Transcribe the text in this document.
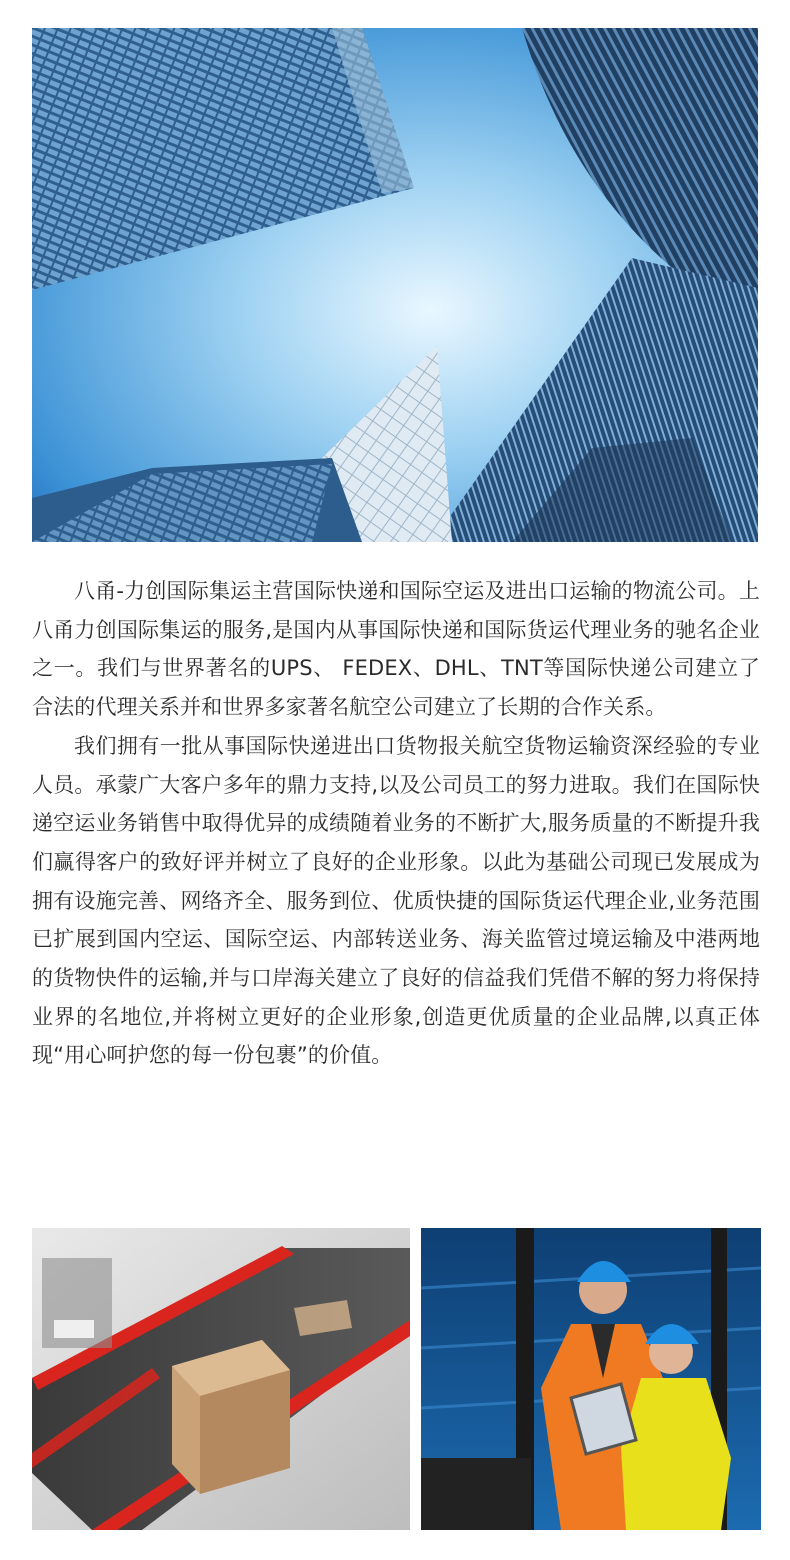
八甬-力创国际集运主营国际快递和国际空运及进出口运输的物流公司。上八甬力创国际集运的服务,是国内从事国际快递和国际货运代理业务的驰名企业之一。我们与世界著名的UPS、 FEDEX、DHL、TNT等国际快递公司建立了合法的代理关系并和世界多家著名航空公司建立了长期的合作关系。

我们拥有一批从事国际快递进出口货物报关航空货物运输资深经验的专业人员。承蒙广大客户多年的鼎力支持,以及公司员工的努力进取。我们在国际快递空运业务销售中取得优异的成绩随着业务的不断扩大,服务质量的不断提升我们赢得客户的致好评并树立了良好的企业形象。以此为基础公司现已发展成为拥有设施完善、网络齐全、服务到位、优质快捷的国际货运代理企业,业务范围已扩展到国内空运、国际空运、内部转送业务、海关监管过境运输及中港两地的货物快件的运输,并与口岸海关建立了良好的信益我们凭借不解的努力将保持业界的名地位,并将树立更好的企业形象,创造更优质量的企业品牌,以真正体现“用心呵护您的每一份包裹”的价值。
